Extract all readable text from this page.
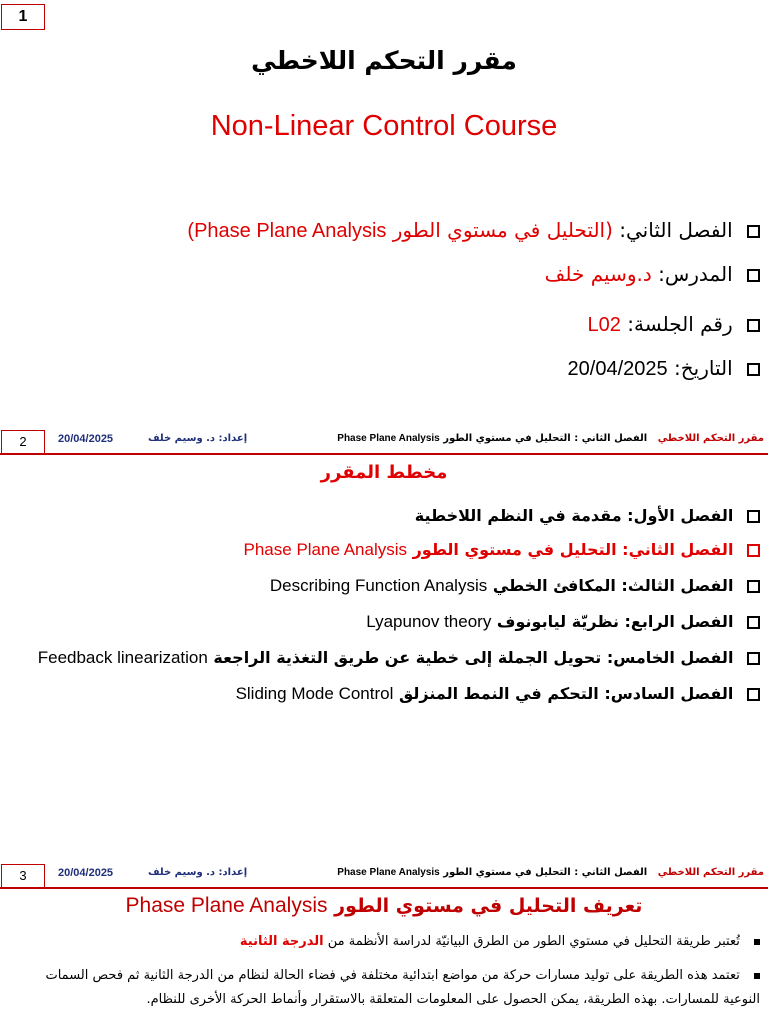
1
مقرر التحكم اللاخطي
Non-Linear Control Course
الفصل الثاني: (التحليل في مستوي الطور Phase Plane Analysis)
المدرس: د.وسيم خلف
رقم الجلسة: L02
التاريخ: 20/04/2025
2	20/04/2025	إعداد: د. وسيم خلف	مقرر التحكم اللاخطي   الفصل الثاني : التحليل في مستوي الطور Phase Plane Analysis
مخطط المقرر
الفصل الأول: مقدمة في النظم اللاخطية
الفصل الثاني: التحليل في مستوي الطور Phase Plane Analysis
الفصل الثالث: المكافئ الخطي Describing Function Analysis
الفصل الرابع: نظريّة ليابونوف Lyapunov theory
الفصل الخامس: تحويل الجملة إلى خطية عن طريق التغذية الراجعة Feedback linearization
الفصل السادس: التحكم في النمط المنزلق Sliding Mode Control
3	20/04/2025	إعداد: د. وسيم خلف	مقرر التحكم اللاخطي   الفصل الثاني : التحليل في مستوي الطور Phase Plane Analysis
تعريف التحليل في مستوي الطور Phase Plane Analysis
تُعتبر طريقة التحليل في مستوي الطور من الطرق البيانيّة لدراسة الأنظمة من الدرجة الثانية
تعتمد هذه الطريقة على توليد مسارات حركة من مواضع ابتدائية مختلفة في فضاء الحالة لنظام من الدرجة الثانية ثم فحص السمات النوعية للمسارات. بهذه الطريقة، يمكن الحصول على المعلومات المتعلقة بالاستقرار وأنماط الحركة الأخرى للنظام.
